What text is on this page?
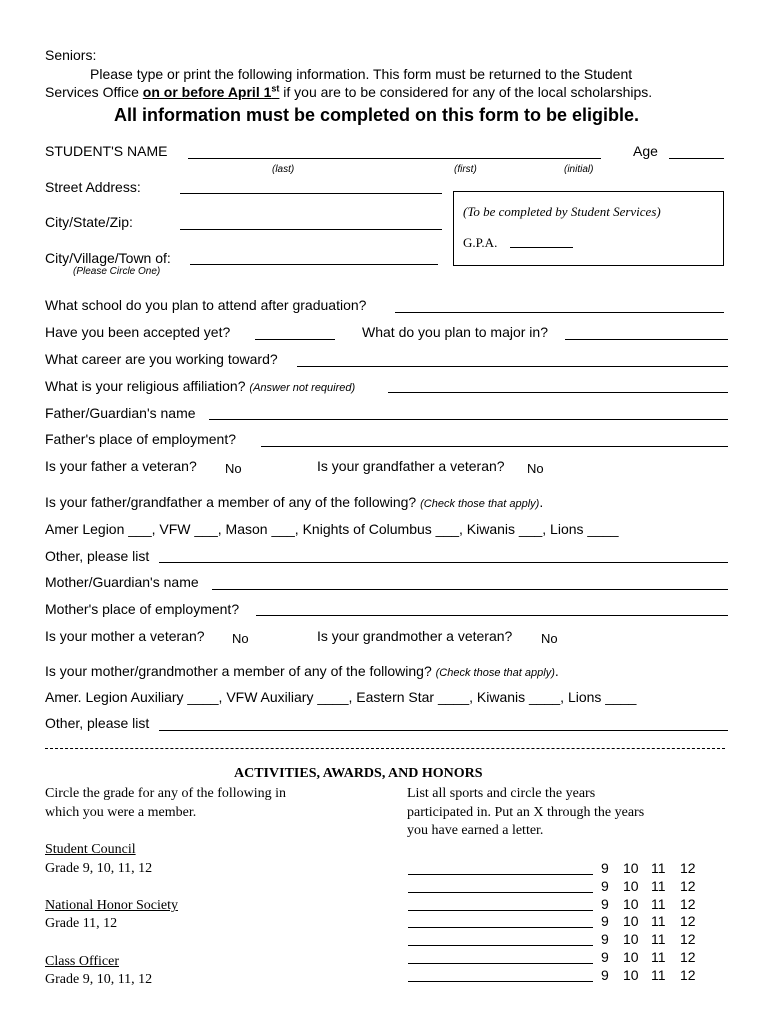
Seniors:
Please type or print the following information. This form must be returned to the Student
Services Office on or before April 1st if you are to be considered for any of the local scholarships.
All information must be completed on this form to be eligible.
STUDENT'S NAME	Age
(last)	(first)	(initial)
Street Address:
City/State/Zip:
City/Village/Town of:
(Please Circle One)
(To be completed by Student Services)
G.P.A.
What school do you plan to attend after graduation?
Have you been accepted yet?	What do you plan to major in?
What career are you working toward?
What is your religious affiliation? (Answer not required)
Father/Guardian's name
Father's place of employment?
Is your father a veteran? No	Is your grandfather a veteran? No
Is your father/grandfather a member of any of the following? (Check those that apply).
Amer Legion ___, VFW ___, Mason ___, Knights of Columbus ___, Kiwanis ___, Lions ____
Other, please list
Mother/Guardian's name
Mother's place of employment?
Is your mother a veteran? No	Is your grandmother a veteran? No
Is your mother/grandmother a member of any of the following? (Check those that apply).
Amer. Legion Auxiliary ____, VFW Auxiliary ____, Eastern Star ____, Kiwanis ____, Lions ____
Other, please list
ACTIVITIES, AWARDS, AND HONORS
Circle the grade for any of the following in
which you were a member.
List all sports and circle the years
participated in. Put an X through the years
you have earned a letter.
Student Council
Grade 9, 10, 11, 12
National Honor Society
Grade 11, 12
Class Officer
Grade 9, 10, 11, 12
9 10 11 12
9 10 11 12
9 10 11 12
9 10 11 12
9 10 11 12
9 10 11 12
9 10 11 12
